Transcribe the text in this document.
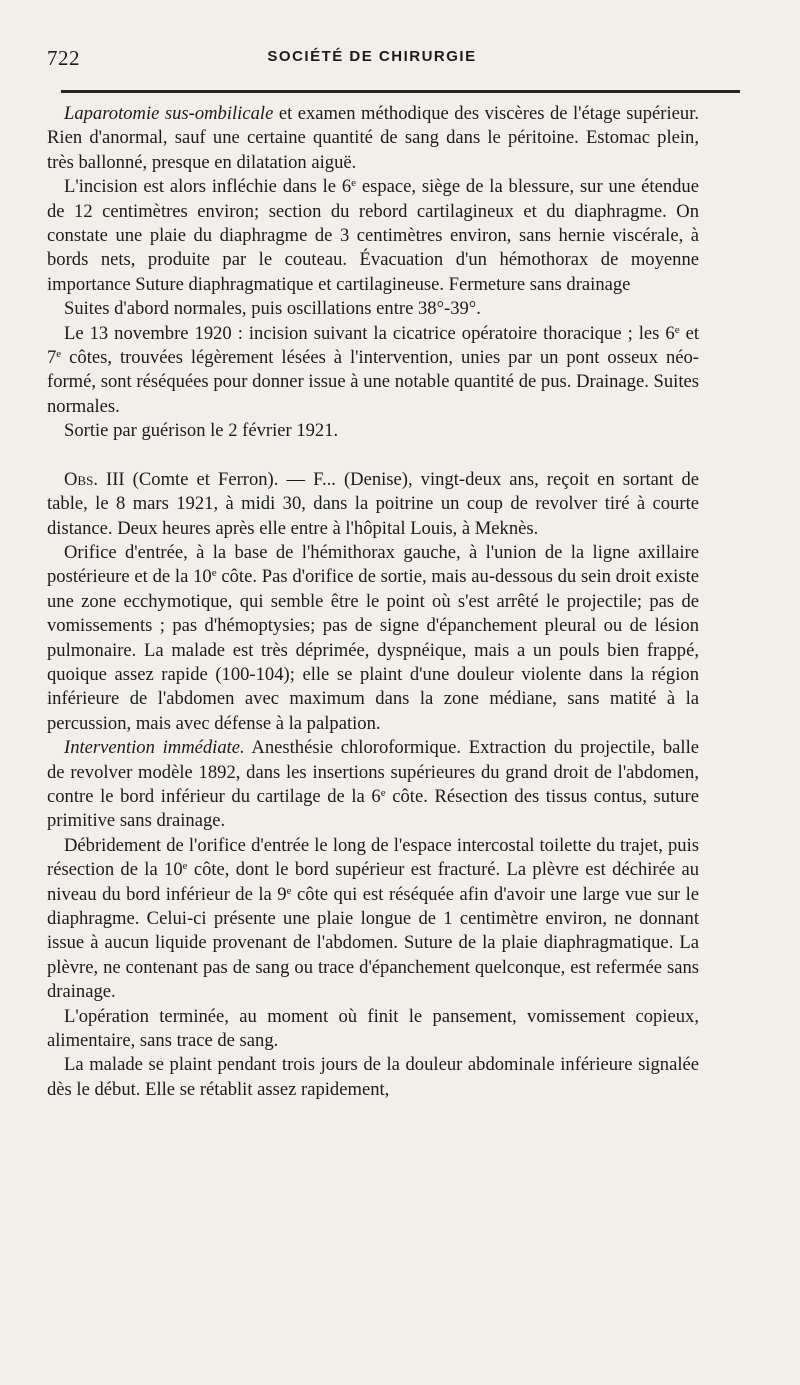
722	SOCIÉTÉ DE CHIRURGIE

Laparotomie sus-ombilicale et examen méthodique des viscères de l'étage supérieur. Rien d'anormal, sauf une certaine quantité de sang dans le péritoine. Estomac plein, très ballonné, presque en dilatation aiguë.

L'incision est alors infléchie dans le 6e espace, siège de la blessure, sur une étendue de 12 centimètres environ; section du rebord cartilagineux et du diaphragme. On constate une plaie du diaphragme de 3 centimètres environ, sans hernie viscérale, à bords nets, produite par le couteau. Évacuation d'un hémothorax de moyenne importance Suture diaphragmatique et cartilagineuse. Fermeture sans drainage

Suites d'abord normales, puis oscillations entre 38°-39°.

Le 13 novembre 1920 : incision suivant la cicatrice opératoire thoracique ; les 6e et 7e côtes, trouvées légèrement lésées à l'intervention, unies par un pont osseux néo-formé, sont réséquées pour donner issue à une notable quantité de pus. Drainage. Suites normales.

Sortie par guérison le 2 février 1921.

Obs. III (Comte et Ferron). — F... (Denise), vingt-deux ans, reçoit en sortant de table, le 8 mars 1921, à midi 30, dans la poitrine un coup de revolver tiré à courte distance. Deux heures après elle entre à l'hôpital Louis, à Meknès.

Orifice d'entrée, à la base de l'hémithorax gauche, à l'union de la ligne axillaire postérieure et de la 10e côte. Pas d'orifice de sortie, mais au-dessous du sein droit existe une zone ecchymotique, qui semble être le point où s'est arrêté le projectile; pas de vomissements ; pas d'hémoptysies; pas de signe d'épanchement pleural ou de lésion pulmonaire. La malade est très déprimée, dyspnéique, mais a un pouls bien frappé, quoique assez rapide (100-104); elle se plaint d'une douleur violente dans la région inférieure de l'abdomen avec maximum dans la zone médiane, sans matité à la percussion, mais avec défense à la palpation.

Intervention immédiate. Anesthésie chloroformique. Extraction du projectile, balle de revolver modèle 1892, dans les insertions supérieures du grand droit de l'abdomen, contre le bord inférieur du cartilage de la 6e côte. Résection des tissus contus, suture primitive sans drainage.

Débridement de l'orifice d'entrée le long de l'espace intercostal toilette du trajet, puis résection de la 10e côte, dont le bord supérieur est fracturé. La plèvre est déchirée au niveau du bord inférieur de la 9e côte qui est réséquée afin d'avoir une large vue sur le diaphragme. Celui-ci présente une plaie longue de 1 centimètre environ, ne donnant issue à aucun liquide provenant de l'abdomen. Suture de la plaie diaphragmatique. La plèvre, ne contenant pas de sang ou trace d'épanchement quelconque, est refermée sans drainage.

L'opération terminée, au moment où finit le pansement, vomissement copieux, alimentaire, sans trace de sang.

La malade se plaint pendant trois jours de la douleur abdominale inférieure signalée dès le début. Elle se rétablit assez rapidement,
